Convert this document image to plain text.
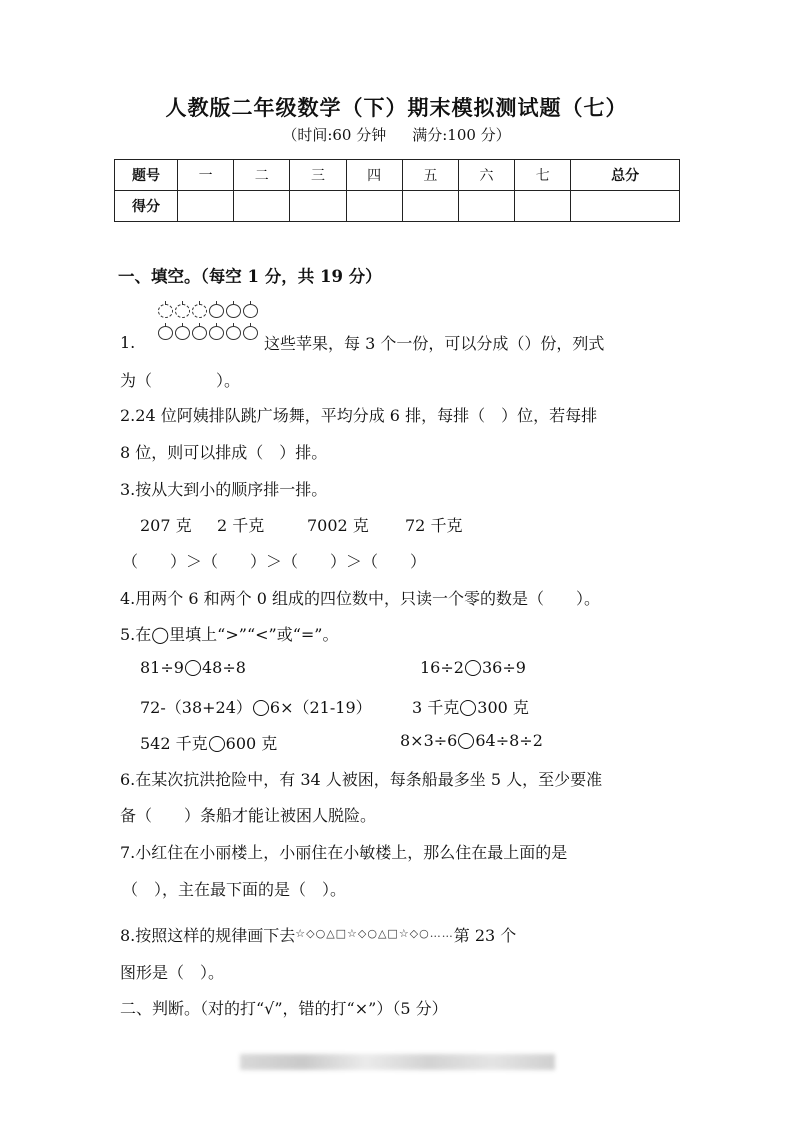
人教版二年级数学（下）期末模拟测试题（七）
（时间:60 分钟 满分:100 分）
题号	一	二	三	四	五	六	七	总分
得分								
一、填空。（每空 1 分，共 19 分）
1.	这些苹果，每 3 个一份，可以分成（）份，列式
为（　　　　）。
2.24 位阿姨排队跳广场舞，平均分成 6 排，每排（　）位，若每排
8 位，则可以排成（　）排。
3.按从大到小的顺序排一排。
207 克 2 千克	7002 克 72 千克
（　　）＞（　　）＞（　　）＞（　　）
4.用两个 6 和两个 0 组成的四位数中，只读一个零的数是（　　）。
5.在◯里填上“>”“<”或“=”。
81÷9 48÷8	16÷2 36÷9
72-（38+24） 6×（21-19）	3 千克 300 克
542 千克 600 克	8×3÷6 64÷8÷2
6.在某次抗洪抢险中，有 34 人被困，每条船最多坐 5 人，至少要准
备（　　）条船才能让被困人脱险。
7.小红住在小丽楼上，小丽住在小敏楼上，那么住在最上面的是
（　），主在最下面的是（　）。
8.按照这样的规律画下去☆◇○△□☆◇○△□☆◇○……第 23 个
图形是（　）。
二、判断。（对的打“√”，错的打“×”）（5 分）
